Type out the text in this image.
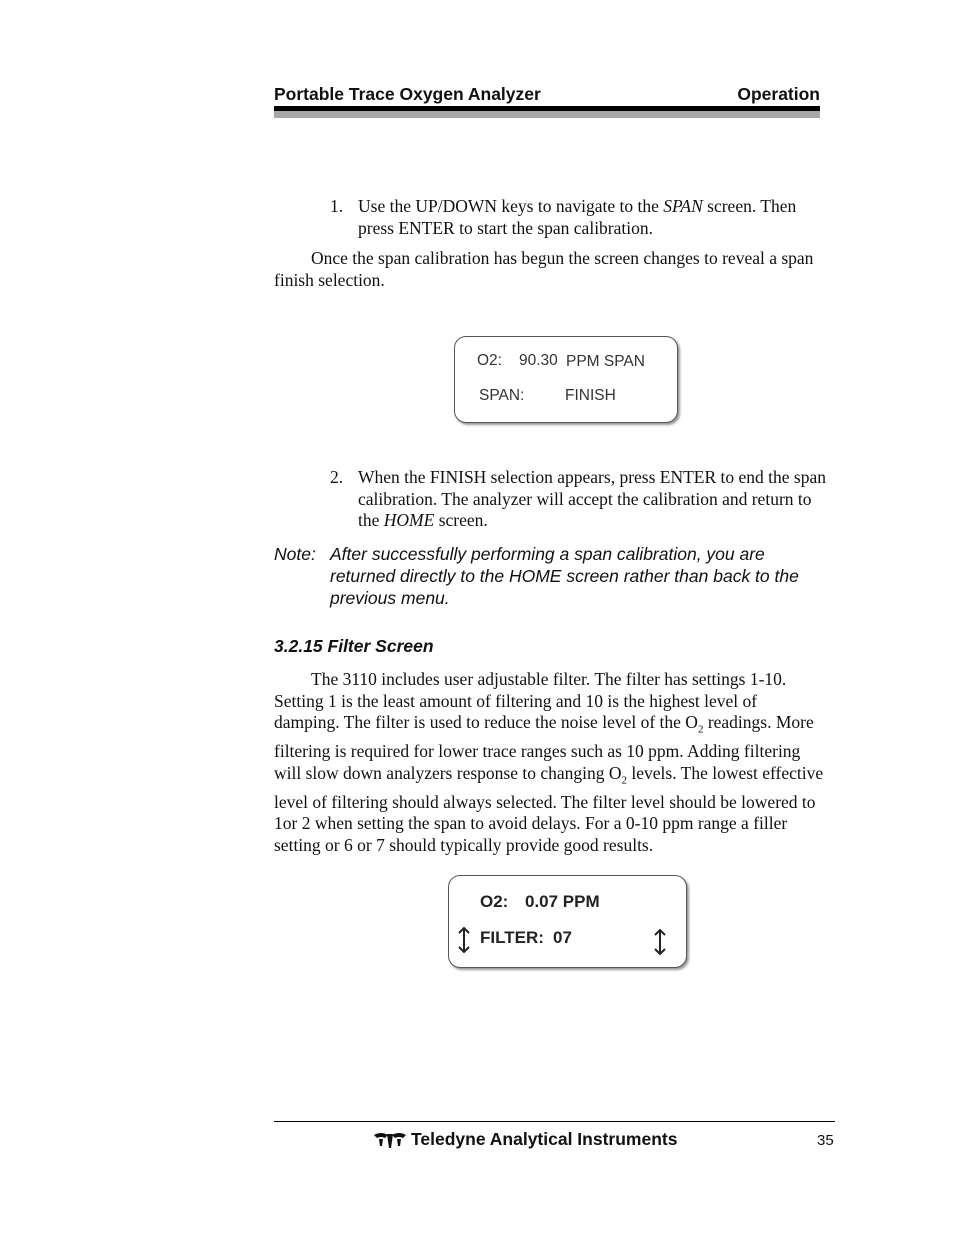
Portable Trace Oxygen Analyzer	Operation
1. Use the UP/DOWN keys to navigate to the SPAN screen. Then press ENTER to start the span calibration.
Once the span calibration has begun the screen changes to reveal a span finish selection.
O2: 90.30 PPM SPAN
SPAN:	FINISH
2. When the FINISH selection appears, press ENTER to end the span calibration. The analyzer will accept the calibration and return to the HOME screen.
Note: After successfully performing a span calibration, you are returned directly to the HOME screen rather than back to the previous menu.
3.2.15 Filter Screen
The 3110 includes user adjustable filter. The filter has settings 1-10. Setting 1 is the least amount of filtering and 10 is the highest level of damping. The filter is used to reduce the noise level of the $O_2$ readings. More filtering is required for lower trace ranges such as 10 ppm. Adding filtering will slow down analyzers response to changing $O_2$ levels. The lowest effective level of filtering should always selected. The filter level should be lowered to 1or 2 when setting the span to avoid delays. For a 0-10 ppm range a filler setting or 6 or 7 should typically provide good results.
O2: 0.07 PPM
FILTER: 07
Teledyne Analytical Instruments	35
